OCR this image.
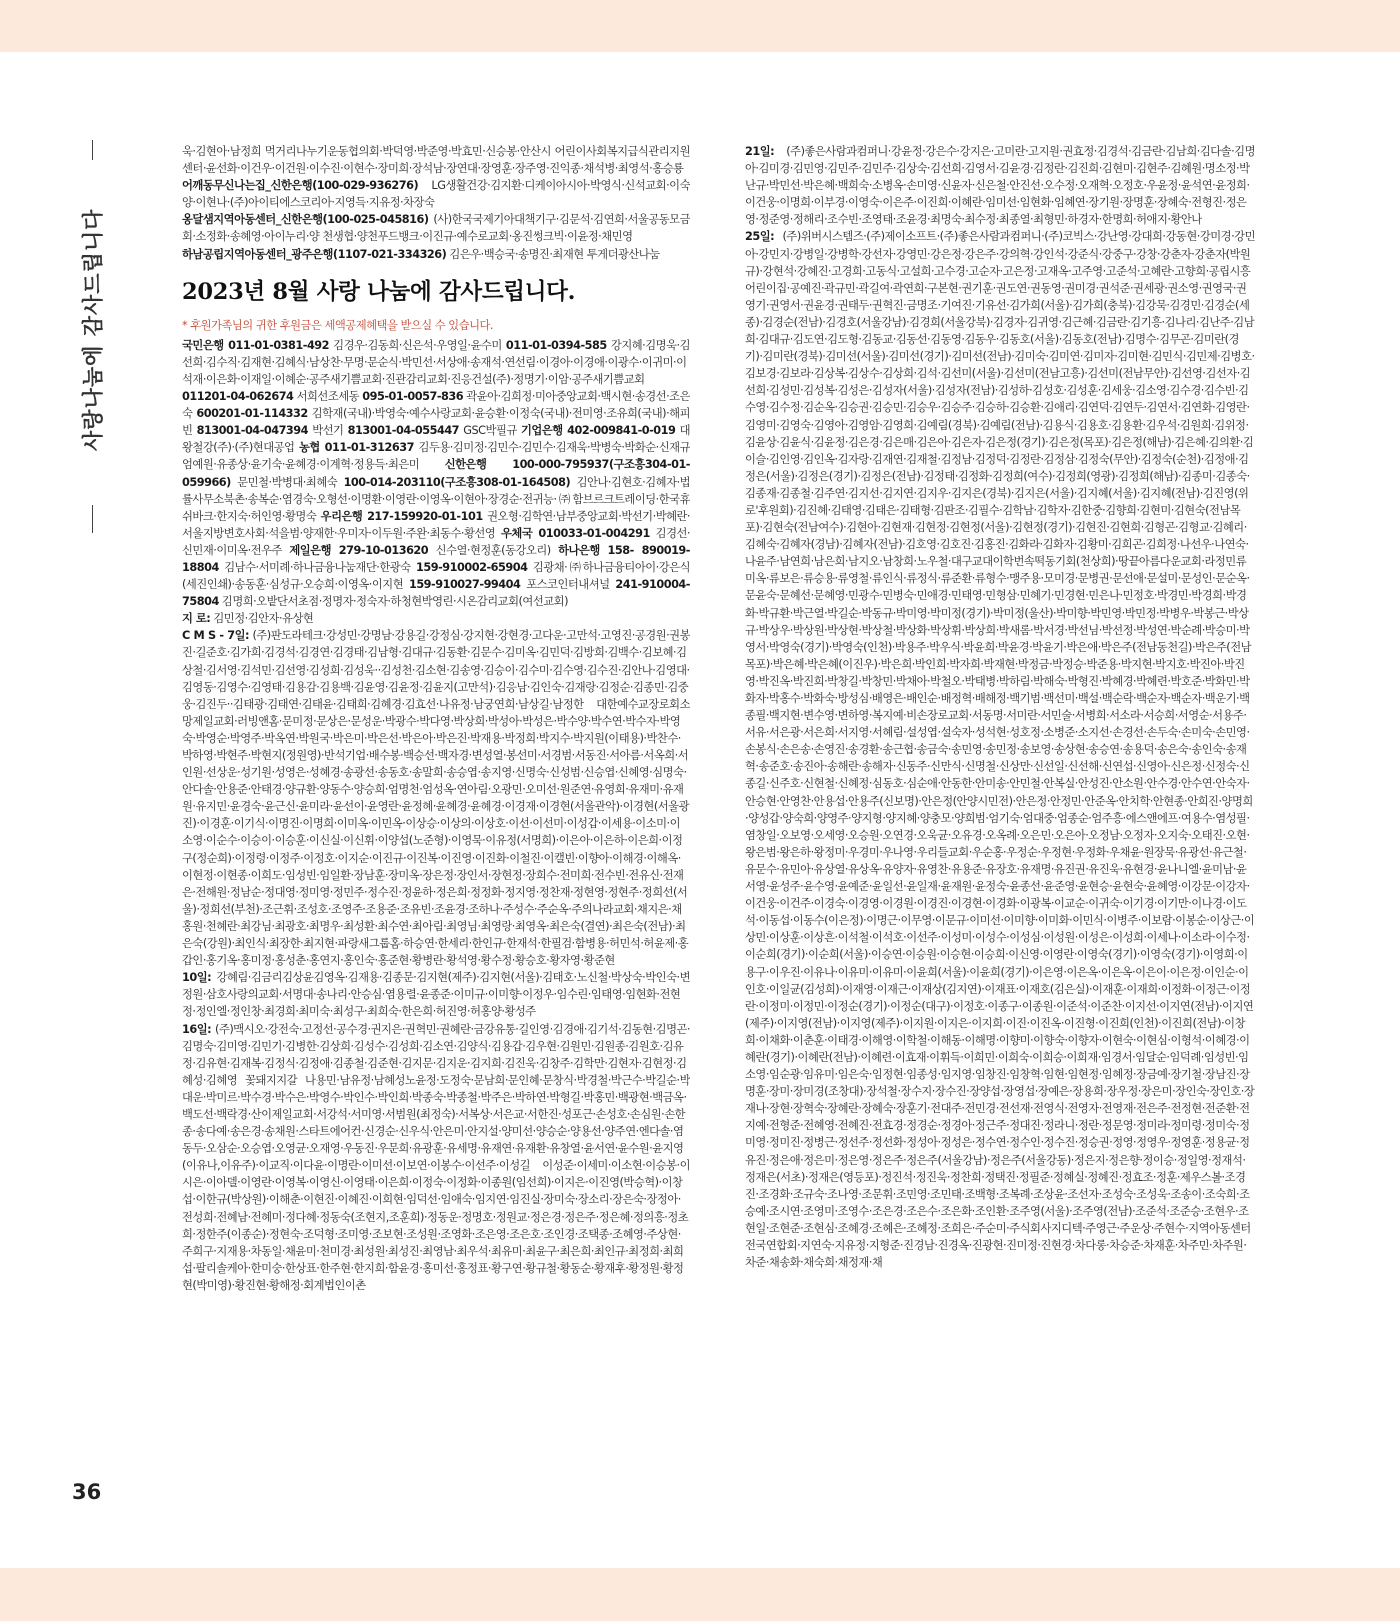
사랑나눔에 감사드립니다
36

욱·김현아·남정희 먹거리나누기운동협의회·박덕영·박준영·박효민·신승봉·안산시 어린이사회복지급식관리지원센터·윤선화·이건우·이건원·이수진·이현수·장미희·장석남·장연대·장영훈·장주영·진익종·채석병·최영석·홍승룡

어깨동무신나는집_신한은행(100-029-936276) LG생활건강·김지환·디케이아시아·박영식·신석교회·이숙양·이현나·(주)아이티에스코리아·지영득·지유정·차장숙

옹달샘지역아동센터_신한은행(100-025-045816) (사)한국국제기아대책기구·김문석·김연희·서울공동모금회·소정화·송혜영·아이누리·양 천생협·양천푸드뱅크·이진규·예수로교회·옹진썽크빅·이윤정·채민영

하남공립지역아동센터_광주은행(1107-021-334326) 김은우·백승국·송명진·최재현 투게더광산나눔

2023년 8월 사랑 나눔에 감사드립니다.
* 후원가족님의 귀한 후원금은 세액공제혜택을 받으실 수 있습니다.

국민은행 011-01-0381-492 김경우·김동희·신은석·우영일·윤수미 011-01-0394-585 강지혜·김명욱·김선희·김수직·김재현·김혜식·남상찬·무명·문순식·박민선·서상애·송재석·연선림·이경아·이경애·이광수·이귀미·이석재·이은화·이재일·이혜순·공주새기쁨교회·진관감리교회·진응건설(주)·정명기·이암·공주새기쁨교회 011201-04-062674 서희선조세동 095-01-0057-836 곽윤아·김희정·미아중앙교회·백시현·송경선·조은숙 600201-01-114332 김학재(국내)·박영숙·예수사랑교회·윤승환·이정숙(국내)·전미영·조유희(국내)·해피빈 813001-04-047394 박선기 813001-04-055447 GSC박필규 기업은행 402-009841-0-019 대왕철강(주)·(주)현대공업 농협 011-01-312637 김두용·김미정·김민수·김민수·김재욱·박병숙·박화순·신재규 엄예원·유종상·윤기숙·윤혜경·이계혁·정용득·최은미 신한은행 100-000-795937(구조흥304-01-059966) 문민철·박병대·최혜숙 100-014-203110(구조흥308-01-164508) 김안나·김현호·김혜자·법률사무소북촌·송복순·염경숙·오형선·이명환·이영란·이영옥·이현아·장경순·전귀능·㈜함브르크트레이딩·한국휴쉬바크·한지숙·허인영·황명숙 우리은행 217-159920-01-101 권오형·김학연·남부중앙교회·박선기·박혜란·서울지방변호사회·석을범·양재한·우미자·이두원·주완·최동수·황선영 우체국 010033-01-004291 김경선·신민재·이미옥·전우주 제일은행 279-10-013620 신수열·현정훈(동강오리) 하나은행 158- 890019-18804 김남수·서미례·하나금융나눔재단·한광숙 159-910002-65904 김광채·㈜하나금융티아이·강은식(세진인쇄)·송동훈·심성규·오승희·이영옥·이지현 159-910027-99404 포스코인터내셔널 241-910004-75804 김명희·오밭단서초점·정명자·정숙자·하청현박영린·시온감리교회(여선교회)

지 로: 김민정·김안자·유상현

C M S - 7일: (주)판도라테크·강성민·강명남·강용길·강정심·강지현·강현경·고다운·고만석·고영진·공경원·권봉진·길준호·김가희·김경석·김경연·김경태·김남형·김대규·김동환·김문수·김미옥·김민덕·김방희·김백수·김보혜·김상철·김서영·김석민·김선영·김성희·김성욱··김성천·김소현·김송영·김승이·김수미·김수영·김수진·김안나·김영대·김영동·김영수·김영태·김용감·김용백·김윤영·김윤정·김윤지(고만석)·김응남·김인숙·김재랑·김정순·김종민·김중웅·김진두··김태광·김태연·김태윤·김태희·김혜경·김효선·나유정·남궁연희·남상길·남정한 대한예수교장로회소망제일교회·러빙앤홈·문미정·문상은·문성운·박광수·박다영·박상희·박성아·박성은·박수양·박수연·박수자·박영숙·박영순·박영주·박옥연·박원국·박은미·박은선·박은아·박은진·박재용·박정희·박지수·박지원(이태용)·박찬수·박하영·박현주·박현지(정원영)·반석기업·배수봉·백승선·백자경·변성열·봉선미·서경범·서동진·서아름·서옥희·서인원·선상운·성기원·성영은·성혜경·송광선·송동호·송말희·송승엽·송지영·신명숙·신성범·신승엽·신혜영·심명숙·안다솔·안용준·안태경·양규환·양동수·양승희·엄명천·엄성옥·연아림·오광민·오미선·원준연·유영희·유재미·유재원·유지민·윤경숙·윤근신·윤미라·윤선이·윤영란·윤정혜·윤혜경·윤혜경·이경재·이경현(서울관악)·이경현(서울광진)·이경훈·이기식·이명진·이명희·이미옥·이민옥·이상승·이상의·이상호·이선·이선미·이성갑·이세용·이소미·이소영·이순수·이승이·이승훈·이신실·이신휘·이양섭(노준형)·이영묵·이유정(서명희)·이은아·이은하·이은희·이정구(정순희)·이정령·이정주·이정호·이지순·이진규·이진복·이진영·이진화·이철진·이캘빈·이향아·이해경·이해옥·이현정·이현종·이희도·임성빈·임일환·장남훈·장미옥·장은정·장인서·장현정·장희수·전미희·전수빈·전유신·전재은·전해원·정남순·정대영·정미영·정민주·정수진·정윤하·정은희·정정화·정지영·정찬재·정현영·정현주·정희선(서울)·정희선(부천)·조근휘·조성호·조영주·조용준·조유빈·조윤경·조하나·주성수·주순옥·주의나라교회·채지은·채홍원·천혜란·최강님·최광호·최명우·최성환·최수연·최아림·최영님·최영랑·최영옥·최은숙(결연)·최은숙(전남)·최은숙(강원)·최인식·최장한·최지현·파랑새그룹홈·하승연·한세리·한인규·한재석·한필검·함병용·허민석·허윤제·홍갑인·홍기옥·홍미정·홍성춘·홍연지·홍인숙·홍준현·황병란·황석영·황수정·황승호·황자영·황준현

10일: 강혜림·김금리김상윤김영옥·김재용·김종문·김지현(제주)·김지현(서울)·김태호·노신철·박상숙·박인숙·변정원·삼호사랑의교회·서명대·송나리·안승심·염용렬·윤종준·이미규·이미향·이정우·임수린·임태영·임현화·전현정·정인엘·정인창·최경희·최미숙·최성구·최희숙·한은희·허진영·허홍양·황성주

16일: (주)맥시오·강전숙·고정선·공수경·권지은·권혁민·권혜란·금강유통·길인영·김경애·김기석·김동현·김명곤·김명숙·김미영·김민기·김병한·김상희·김성수·김성희·김소연·김양식·김용갑·김우현·김원민·김원종·김원호·김유정·김유현·김재복·김정식·김정애·김종철·김준현·김지문·김지운·김지희·김진욱·김창주·김학만·김현자·김현정·김혜성·김혜영 꽃돼지지갈 나용민·남유정·남혜성노윤정·도정숙·문남희·문인혜·문창식·박경철·박근수·박길순·박대운·박미르·박수경·박수은·박영수·박인수·박인희·박종숙·박종철·박주은·박하연·박형길·박홍민·백광현·백금옥·백도선·백락경·산이제일교회·서강석·서미영·서범원(최정숙)·서복상·서은교·서한진·성포근·손성호·손심원·손한종·송다예·송은경·송채원·스타트에어컨·신경순·신우식·안은미·안지설·양미선·양승순·양용선·양주연·엔다솔·염동두·오삼순·오승엽·오영균·오재영·우동진·우문희·유광훈·유세명·유재연·유재환·유창열·윤서연·윤수원·윤지영(이유나,이유주)·이교직·이다윤·이명란·이미선·이보연·이봉수·이선주·이성길 이성준·이세미·이소현·이승봉·이시은·이아델·이영란·이영복·이영신·이영태·이은희·이정숙·이정화·이종원(임선희)·이지은·이진영(박승혁)·이창섭·이한규(박상원)·이해춘·이현진·이혜진·이희현·임덕선·임애숙·임지연·임진실·장미숙·장소리·장은숙·장정아·전성희·전혜남·전혜미·정다혜·정동숙(조현지,조훈희)·정동운·정명호·정원교·정은경·정은주·정은혜·정의흥·정초희·정한주(이종순)·정현숙·조덕형·조미영·조보현·조성원·조영화·조은영·조은호·조인경·조택종·조혜영·주상현·주희구·지재용·차동일·채윤미·천미경·최성원·최성진·최영남·최우석·최유미·최윤구·최은희·최인규·최정희·최희섭·팔리솔케아·한미숭·한상표·한주현·한지희·함윤경·홍미선·홍정표·황구연·황규철·황동순·황재후·황정원·황정현(박미영)·황진현·황해정·회계법인이촌

21일: (주)좋은사람과컴퍼니·강윤정·강은수·강지은·고미란·고지원·권효정·김경석·김금란·김남희·김다솔·김명아·김미경·김민영·김민주·김민주·김상숙·김선희·김영서·김윤경·김정란·김진희·김현미·김현주·김혜원·명소정·박난규·박민선·박은혜·백희숙·소병옥·손미영·신윤자·신은철·안진선·오수정·오재혁·오정호·우윤정·윤석연·윤정희·이건웅·이명희·이부경·이영숙·이은주·이진희·이혜란·임미선·임현화·임혜연·장기원·장명훈·장혜숙·전형진·정은영·정준영·정해리·조수빈·조영태·조윤경·최명숙·최수정·최종열·최형민·하경자·한명희·허애지·황안나

25일: (주)위버시스템즈·(주)제이소프트·(주)좋은사람과컴퍼니·(주)코빅스·강난영·강대희·강동현·강미경·강민아·강민지·강병일·강병학·강선자·강영민·강은정·강은주·강의혁·강인석·강준식·강중구·강창·강춘자·강춘자(박원규)·강현석·강혜진·고경희·고동식·고설희·고수경·고순자·고은정·고재옥·고주영·고준석·고혜란·고향희·공립시흥어린이집·공예진·곽규민·곽길여·곽연희·구본현·권기훈·권도연·권동영·권미경·권석준·권세광·권소영·권영국·권영기·권영서·권윤경·권태두·권혁진·금명조·기여진·기유선·김가희(서울)·김가희(충북)·김강묵·김경민·김경순(세종)·김경순(전남)·김경호(서울강남)·김경희(서울강북)·김경자·김귀영·김근혜·김금란·김기흥·김나리·김난주·김남희·김대규·김도연·김도형·김동교·김동선·김동영·김동우·김동호(서울)·김동호(전남)·김명수·김무곤·김미란(경기)·김미란(경북)·김미선(서울)·김미선(경기)·김미선(전남)·김미숙·김미연·김미자·김미현·김민식·김민제·김병호·김보경·김보라·김상복·김상수·김상희·김석·김선미(서울)·김선미(전남고흥)·김선미(전남무안)·김선영·김선자·김선희·김성민·김성복·김성은·김성자(서울)·김성자(전남)·김성하·김성호·김성훈·김세웅·김소영·김수경·김수빈·김수영·김수정·김순옥·김승권·김승민·김승우·김승주·김승하·김승환·김애리·김연덕·김연두·김연서·김연화·김영란·김영미·김영숙·김영아·김영암·김영희·김예림(경북)·김예림(전남)·김용식·김용호·김용환·김우석·김원희·김위정·김윤상·김윤식·김윤정·김은경·김은매·김은아·김은자·김은정(경기)·김은정(목포)·김은정(해남)·김은혜·김의환·김이슬·김인영·김인옥·김자랑·김재연·김재철·김정남·김정덕·김정란·김정삼·김정숙(무안)·김정숙(순천)·김정애·김정은(서울)·김정은(경기)·김정은(전남)·김정태·김정화·김정희(여수)·김정희(영광)·김정희(해남)·김종미·김종숙·김종재·김종철·김주연·김지선·김지연·김지우·김지은(경북)·김지은(서울)·김지혜(서울)·김지혜(전남)·김진영(위로'후원회)·김진혜·김태영·김태은·김태형·김판조·김필수·김학남·김학자·김한중·김향희·김현미·김현숙(전남목포)·김현숙(전남여수)·김현아·김현재·김현정·김현정(서울)·김현정(경기)·김현진·김현희·김형곤·김형교·김혜리·김혜숙·김혜자(경남)·김혜자(전남)·김호영·김호진·김홍진·김화라·김화자·김황미·김희곤·김희정·나선우·나연숙·나윤주·남연희·남은희·남지오·남창희·노우철·대구교대이학번속떡동기회(천상희)·땅끝아름다운교회·라정민류미옥·류보은·류승용·류영철·류인식·류정식·류준환·류형수·맹주용·모미경·문병권·문선애·문설미·문성인·문순옥·문윤숙·문혜선·문혜영·민광수·민병숙·민애경·민태영·민형삼·민혜기·민경현·민은나·민정호·박경민·박경희·박경화·박규환·박근열·박길순·박동규·박미영·박미정(경기)·박미정(울산)·박미향·박민영·박민정·박병우·박봉근·박상규·박상우·박상원·박상현·박상철·박상화·박상휘·박상희·박새롬·박서경·박선님·박선정·박성연·박순례·박승미·박영서·박영숙(경기)·박영숙(인천)·박용주·박우식·박윤희·박윤경·박윤기·박은애·박은주(전남동천길)·박은주(전남목포)·박은혜·박은혜(이진우)·박은희·박인희·박자희·박재현·박정금·박정승·박준용·박지현·박지호·박진아·박진영·박진옥·박진희·박창길·박창민·박채아·박철오·박태병·박하림·박해숙·박형진·박혜경·박혜련·박호준·박화민·박화자·박홍수·박화숙·방성심·배영은·배인순·배정혁·배해정·백기범·백선미·백설·백순락·백순자·백순자·백운기·백종필·백지현·변수영·변하영·복지예·비손장로교회·서동명·서미란·서민술·서병희·서소라·서승희·서영순·서용주·서유·서은광·서은희·서지영·서혜림·설성엽·설숙자·성석현·성호정·소병준·소지선·손경선·손두숙·손미숙·손민영·손봉식·손은송·손영진·송경환·송근협·송금숙·송민영·송민정·송보영·송상현·송승연·송용덕·송은숙·송인숙·송재혁·송준호·송진아·송해란·송해자·신동주·신만식·신명철·신상만·신선일·신선해·신연섭·신영아·신은정·신정숙·신종길·신주호·신현철·신혜정·심동호·심순애·안동한·안미송·안민철·안복실·안성진·안소원·안수경·안수연·안숙자·안승현·안영찬·안용섭·안용주(신보명)·안은정(안양시민전)·안은정·안정민·안준옥·안치학·안현종·안희진·양명희·양성갑·양숙희·양영주·양지형·양지혜·양충모·양희범·엄기숙·엄대중·엄종순·엄주흥·에스앤에프·여용수·염성필·염창일·오보영·오세영·오승원·오연경·오욱균·오유경·오옥례·오은민·오은아·오정남·오정자·오지숙·오태진·오현·왕은범·왕은하·왕정미·우경미·우나영·우리들교회·우순홍·우정순·우정현·우정화·우채윤·원장묵·유광선·유근철·유문수·유민아·유상열·유상옥·유양자·유영찬·유용준·유장호·유재명·유진권·유진욱·유현경·윤나니엘·윤미남·윤서영·윤성주·윤수영·윤예준·윤일선·윤일재·윤재원·윤정숙·윤종선·윤준영·윤현승·윤현숙·윤혜영·이강문·이강자·이건웅·이건주·이경숙·이경영·이경원·이경진·이경현·이경화·이광복·이교순·이귀숙·이기경·이기만·이나경·이도석·이동섭·이동수(이은정)·이명근·이무영·이문규·이미선·이미향·이미화·이민식·이병주·이보람·이봉순·이상근·이상민·이상훈·이상흔·이석철·이석호·이선주·이성미·이성수·이성심·이성원·이성은·이성희·이세나·이소라·이수정·이순희(경기)·이순희(서울)·이승연·이승원·이승현·이승희·이신영·이영란·이영숙(경기)·이영숙(경기)·이영희·이용구·이우진·이유나·이유미·이유미·이윤희(서울)·이윤희(경기)·이은영·이은옥·이은옥·이은이·이은정·이인순·이인호·이일균(김성희)·이재영·이재근·이재상(김지연)·이재표·이재호(김은실)·이재훈·이재희·이정화·이정근·이정란·이정미·이정민·이정순(경기)·이정순(대구)·이정호·이종구·이종원·이준석·이준찬·이지선·이지연(전남)·이지연(제주)·이지영(전남)·이지영(제주)·이지원·이지은·이지희·이진·이진옥·이진형·이진희(인천)·이진희(전남)·이창희·이채화·이춘훈·이태경·이해영·이학철·이해동·이해명·이향미·이향숙·이향자·이현숙·이현심·이형석·이혜경·이혜란(경기)·이혜란(전남)·이혜련·이효재·이휘득·이희민·이희숙·이희승·이희재·임경서·임달순·임덕례·임성빈·임소영·임순광·임유미·임은숙·임정현·임종성·임지영·임창진·임창혁·임현·임현정·임혜정·장금예·장기철·장남진·장명훈·장미·장미경(조창대)·장석철·장수지·장수진·장양섭·장영섭·장예은·장용희·장우정·장은미·장인숙·장인호·장재나·장현·장혁숙·장혜란·장혜숙·장훈기·전대주·전민경·전선재·전영식·전영자·전영재·전은주·전정현·전준환·전지예·전형준·전혜영·전혜진·전효경·정경순·정경아·정근주·정대진·정라니·정란·정문영·정미라·정미령·정미숙·정미영·정미진·정병근·정선주·정선화·정성아·정성은·정수연·정수인·정수진·정승권·정영·정영우·정영훈·정용균·정유진·정은애·정은미·정은영·정은주·정은주(서울강남)·정은주(서울강동)·정은지·정은향·정이승·정일영·정재석·정재은(서초)·정재은(영등포)·정진석·정진욱·정찬희·정택진·정필준·정혜실·정혜진·정효조·정훈·제우스볼·조경진·조경화·조규숙·조나영·조문휘·조민영·조민태·조백형·조복례·조상윤·조선자·조성숙·조성욱·조송이·조숙희·조승예·조시연·조영미·조영수·조은경·조은수·조은화·조인환·조주영(서울)·조주영(전남)·조준석·조준승·조현우·조현일·조현준·조현심·조혜경·조혜은·조혜정·조희은·주순미·주식회사지디텍·주영근·주운상·주현수·지역아동센터 전국연합회·지연숙·지유정·지형준·진경남·진경옥·진광현·진미정·진현경·차다롱·차승준·차재훈·차주민·차주원·차준·채송화·채숙희·채정재·채
